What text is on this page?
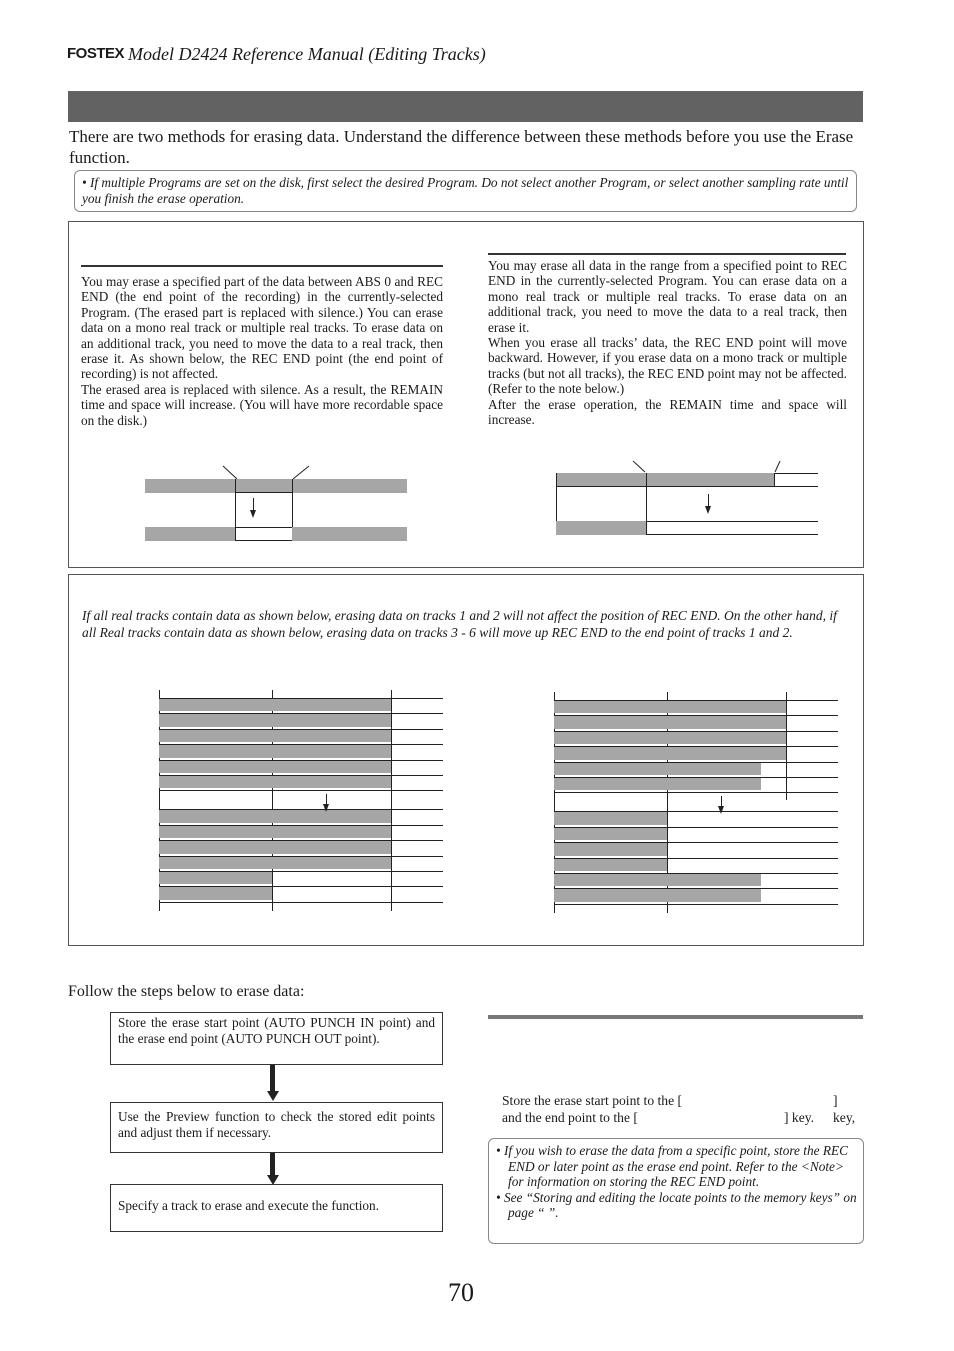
FOSTEX Model D2424 Reference Manual (Editing Tracks)
There are two methods for erasing data. Understand the difference between these methods before you use the Erase function.
• If multiple Programs are set on the disk, first select the desired Program. Do not select another Program, or select another sampling rate until you finish the erase operation.
You may erase a specified part of the data between ABS 0 and REC END (the end point of the recording) in the currently-selected Program. (The erased part is replaced with silence.) You can erase data on a mono real track or multiple real tracks. To erase data on an additional track, you need to move the data to a real track, then erase it. As shown below, the REC END point (the end point of recording) is not affected.
The erased area is replaced with silence. As a result, the REMAIN time and space will increase. (You will have more recordable space on the disk.)
You may erase all data in the range from a specified point to REC END in the currently-selected Program. You can erase data on a mono real track or multiple real tracks. To erase data on an additional track, you need to move the data to a real track, then erase it.
When you erase all tracks’ data, the REC END point will move backward. However, if you erase data on a mono track or multiple tracks (but not all tracks), the REC END point may not be affected. (Refer to the note below.)
After the erase operation, the REMAIN time and space will increase.
If all real tracks contain data as shown below, erasing data on tracks 1 and 2 will not affect the position of REC END. On the other hand, if all Real tracks contain data as shown below, erasing data on tracks 3 - 6 will move up REC END to the end point of tracks 1 and 2.
Follow the steps below to erase data:
Store the erase start point (AUTO PUNCH IN point) and the erase end point (AUTO PUNCH OUT point).
Use the Preview function to check the stored edit points and adjust them if necessary.
Specify a track to erase and execute the function.
Store the erase start point to the [	] key,
and the end point to the [	] key.
• If you wish to erase the data from a specific point, store the REC END or later point as the erase end point. Refer to the <Note> for information on storing the REC END point.
• See “Storing and editing the locate points to the memory keys” on page “ ”.
70
